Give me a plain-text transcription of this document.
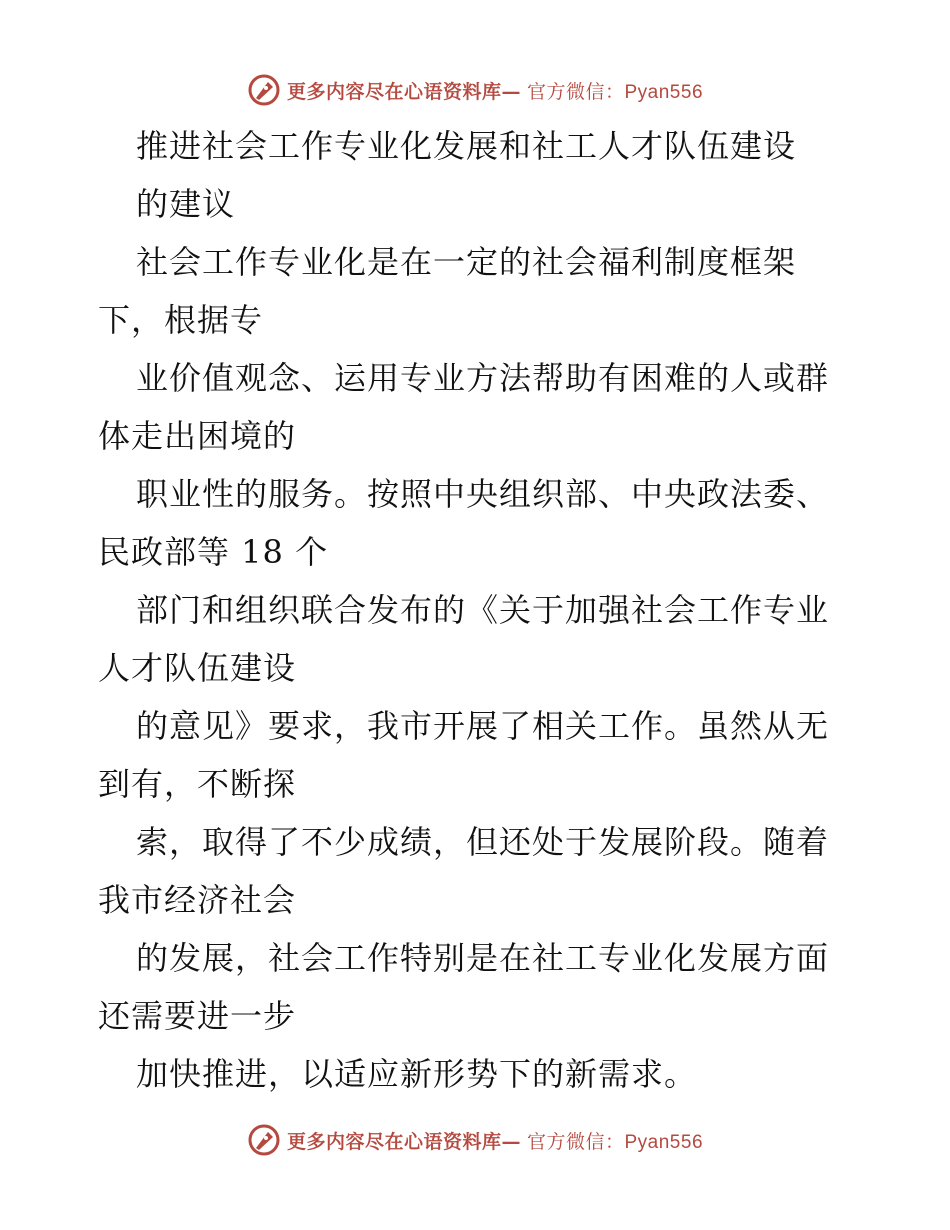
更多内容尽在心语资料库— 官方微信：Pyan556
推进社会工作专业化发展和社工人才队伍建设
的建议
社会工作专业化是在一定的社会福利制度框架
下，根据专
业价值观念、运用专业方法帮助有困难的人或群
体走出困境的
职业性的服务。按照中央组织部、中央政法委、
民政部等 18 个
部门和组织联合发布的《关于加强社会工作专业
人才队伍建设
的意见》要求，我市开展了相关工作。虽然从无
到有，不断探
索，取得了不少成绩，但还处于发展阶段。随着
我市经济社会
的发展，社会工作特别是在社工专业化发展方面
还需要进一步
加快推进，以适应新形势下的新需求。
更多内容尽在心语资料库— 官方微信：Pyan556
